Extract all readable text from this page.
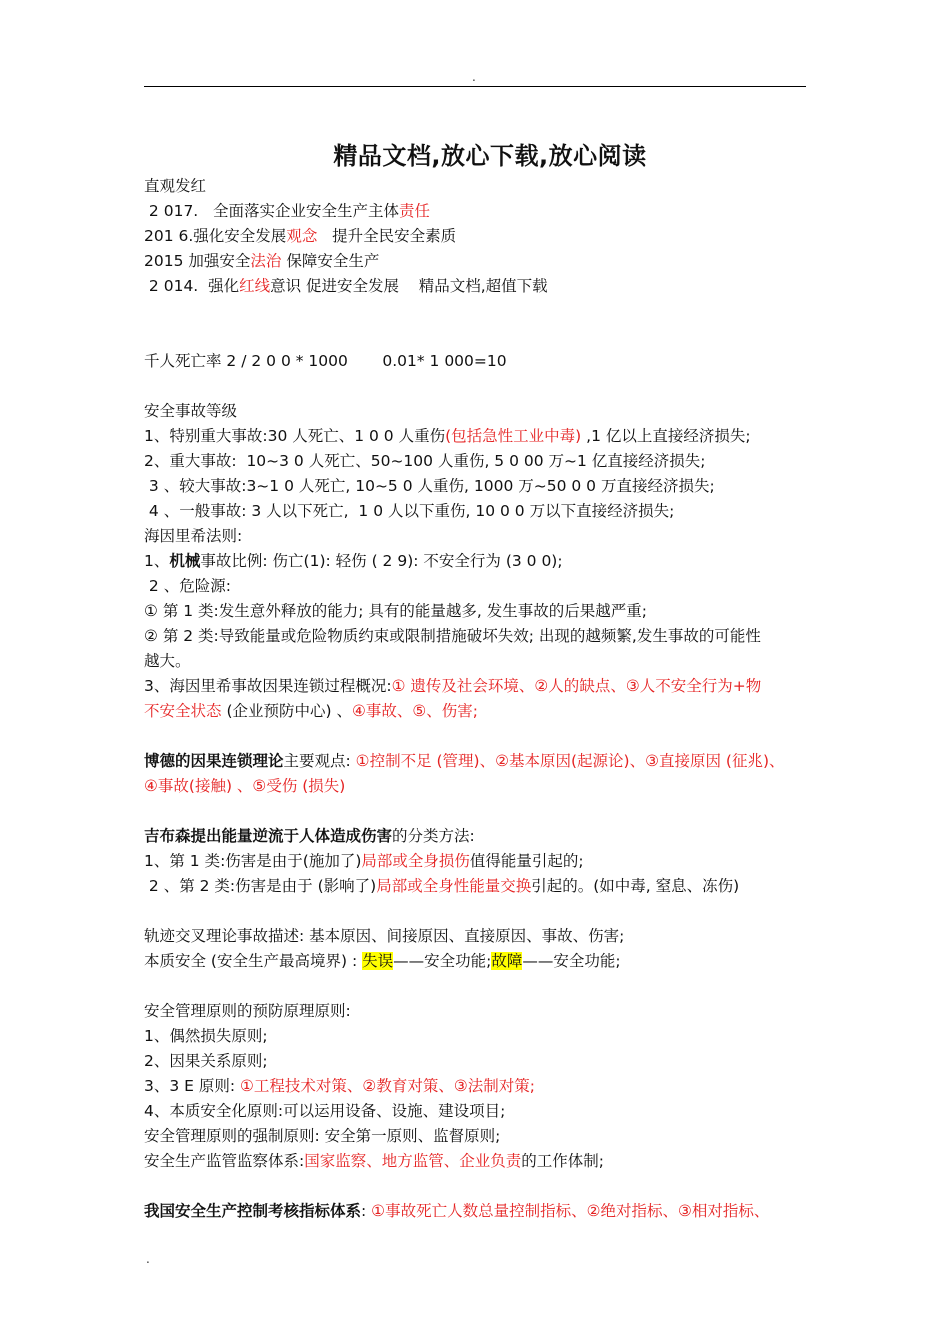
.
精品文档,放心下载,放心阅读
直观发红
2 017.   全面落实企业安全生产主体责任
201 6.强化安全发展观念   提升全民安全素质
2015 加强安全法治 保障安全生产
2 014.  强化红线意识 促进安全发展    精品文档,超值下载
千人死亡率 2 / 2 0 0 * 1000       0.01* 1 000=10
安全事故等级
1、特别重大事故:30 人死亡、1 0 0 人重伤(包括急性工业中毒) ,1 亿以上直接经济损失;
2、重大事故:  10~3 0 人死亡、50~100 人重伤, 5 0 00 万~1 亿直接经济损失;
3 、较大事故:3~1 0 人死亡, 10~5 0 人重伤, 1000 万~50 0 0 万直接经济损失;
4 、一般事故: 3 人以下死亡,  1 0 人以下重伤, 10 0 0 万以下直接经济损失;
海因里希法则:
1、机械事故比例: 伤亡(1): 轻伤 ( 2 9): 不安全行为 (3 0 0);
2 、危险源:
① 第 1 类:发生意外释放的能力; 具有的能量越多, 发生事故的后果越严重;
② 第 2 类:导致能量或危险物质约束或限制措施破坏失效; 出现的越频繁,发生事故的可能性
越大。
3、海因里希事故因果连锁过程概况:① 遗传及社会环境、②人的缺点、③人不安全行为+物
不安全状态 (企业预防中心) 、④事故、⑤、伤害;
博德的因果连锁理论主要观点: ①控制不足 (管理)、②基本原因(起源论)、③直接原因 (征兆)、
④事故(接触) 、⑤受伤 (损失)
吉布森提出能量逆流于人体造成伤害的分类方法:
1、第 1 类:伤害是由于(施加了)局部或全身损伤值得能量引起的;
2 、第 2 类:伤害是由于 (影响了)局部或全身性能量交换引起的。(如中毒, 窒息、冻伤)
轨迹交叉理论事故描述: 基本原因、间接原因、直接原因、事故、伤害;
本质安全 (安全生产最高境界) : 失误——安全功能;故障——安全功能;
安全管理原则的预防原理原则:
1、偶然损失原则;
2、因果关系原则;
3、3 E 原则: ①工程技术对策、②教育对策、③法制对策;
4、本质安全化原则:可以运用设备、设施、建设项目;
安全管理原则的强制原则: 安全第一原则、监督原则;
安全生产监管监察体系:国家监察、地方监管、企业负责的工作体制;
我国安全生产控制考核指标体系: ①事故死亡人数总量控制指标、②绝对指标、③相对指标、
.
